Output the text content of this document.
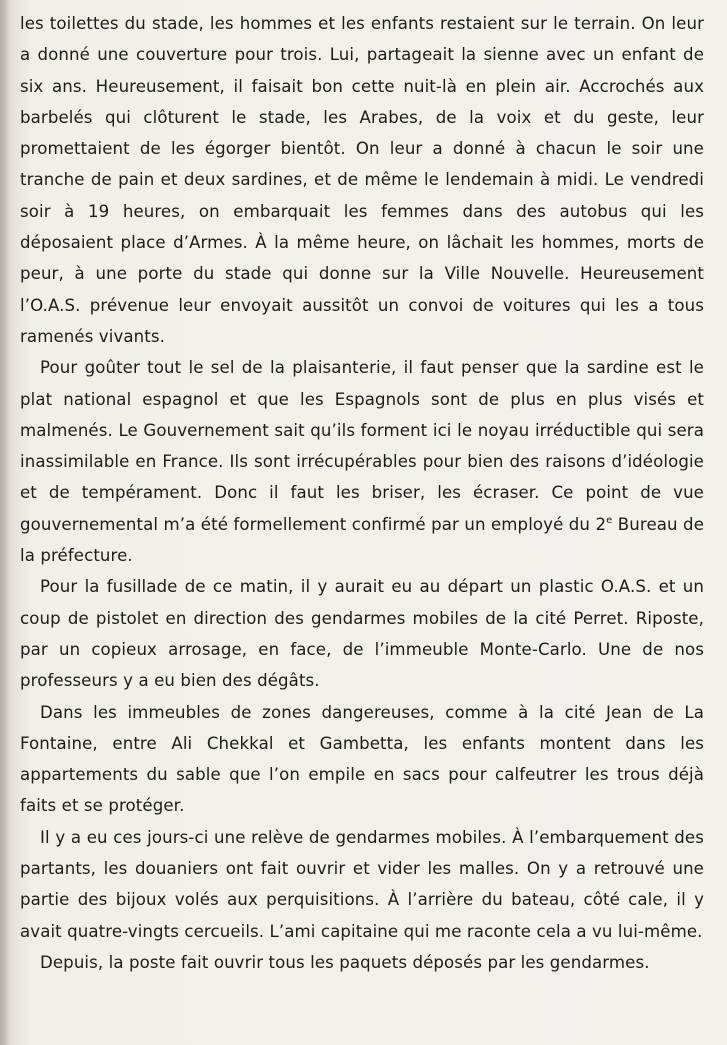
les toilettes du stade, les hommes et les enfants restaient sur le terrain. On leur a donné une couverture pour trois. Lui, partageait la sienne avec un enfant de six ans. Heureusement, il faisait bon cette nuit-là en plein air. Accrochés aux barbelés qui clôturent le stade, les Arabes, de la voix et du geste, leur promettaient de les égorger bientôt. On leur a donné à chacun le soir une tranche de pain et deux sardines, et de même le lendemain à midi. Le vendredi soir à 19 heures, on embarquait les femmes dans des autobus qui les déposaient place d’Armes. À la même heure, on lâchait les hommes, morts de peur, à une porte du stade qui donne sur la Ville Nouvelle. Heureusement l’O.A.S. prévenue leur envoyait aussitôt un convoi de voitures qui les a tous ramenés vivants.

Pour goûter tout le sel de la plaisanterie, il faut penser que la sardine est le plat national espagnol et que les Espagnols sont de plus en plus visés et malmenés. Le Gouvernement sait qu’ils forment ici le noyau irréductible qui sera inassimilable en France. Ils sont irrécupérables pour bien des raisons d’idéologie et de tempérament. Donc il faut les briser, les écraser. Ce point de vue gouvernemental m’a été formellement confirmé par un employé du 2e Bureau de la préfecture.

Pour la fusillade de ce matin, il y aurait eu au départ un plastic O.A.S. et un coup de pistolet en direction des gendarmes mobiles de la cité Perret. Riposte, par un copieux arrosage, en face, de l’immeuble Monte-Carlo. Une de nos professeurs y a eu bien des dégâts.

Dans les immeubles de zones dangereuses, comme à la cité Jean de La Fontaine, entre Ali Chekkal et Gambetta, les enfants montent dans les appartements du sable que l’on empile en sacs pour calfeutrer les trous déjà faits et se protéger.

Il y a eu ces jours-ci une relève de gendarmes mobiles. À l’embarquement des partants, les douaniers ont fait ouvrir et vider les malles. On y a retrouvé une partie des bijoux volés aux perquisitions. À l’arrière du bateau, côté cale, il y avait quatre-vingts cercueils. L’ami capitaine qui me raconte cela a vu lui-même.

Depuis, la poste fait ouvrir tous les paquets déposés par les gendarmes.
